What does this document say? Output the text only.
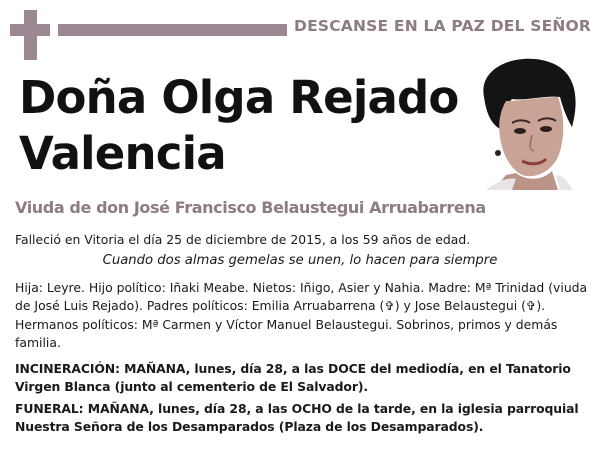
DESCANSE EN LA PAZ DEL SEÑOR
Doña Olga Rejado
Valencia
Viuda de don José Francisco Belaustegui Arruabarrena
Falleció en Vitoria el día 25 de diciembre de 2015, a los 59 años de edad.
Cuando dos almas gemelas se unen, lo hacen para siempre
Hija: Leyre. Hijo político: Iñaki Meabe. Nietos: Iñigo, Asier y Nahia. Madre: Mª Trinidad (viuda de José Luis Rejado). Padres políticos: Emilia Arruabarrena (✞) y Jose Belaustegui (✞). Hermanos políticos: Mª Carmen y Víctor Manuel Belaustegui. Sobrinos, primos y demás familia.
INCINERACIÓN: MAÑANA, lunes, día 28, a las DOCE del mediodía, en el Tanatorio Virgen Blanca (junto al cementerio de El Salvador).
FUNERAL: MAÑANA, lunes, día 28, a las OCHO de la tarde, en la iglesia parroquial Nuestra Señora de los Desamparados (Plaza de los Desamparados).
